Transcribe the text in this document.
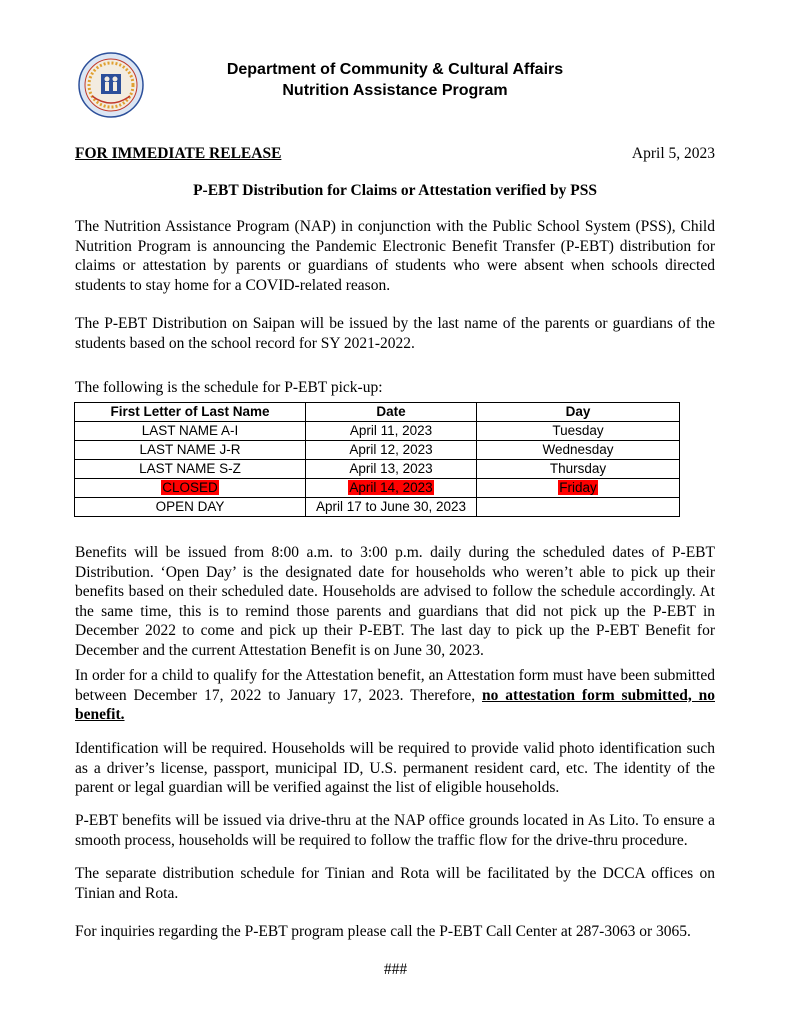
Department of Community & Cultural Affairs
Nutrition Assistance Program
FOR IMMEDIATE RELEASE	April 5, 2023
P-EBT Distribution for Claims or Attestation verified by PSS

The Nutrition Assistance Program (NAP) in conjunction with the Public School System (PSS), Child Nutrition Program is announcing the Pandemic Electronic Benefit Transfer (P-EBT) distribution for claims or attestation by parents or guardians of students who were absent when schools directed students to stay home for a COVID-related reason.

The P-EBT Distribution on Saipan will be issued by the last name of the parents or guardians of the students based on the school record for SY 2021-2022.

The following is the schedule for P-EBT pick-up:

First Letter of Last Name	Date	Day
LAST NAME A-I	April 11, 2023	Tuesday
LAST NAME J-R	April 12, 2023	Wednesday
LAST NAME S-Z	April 13, 2023	Thursday
CLOSED	April 14, 2023	Friday
OPEN DAY	April 17 to June 30, 2023	

Benefits will be issued from 8:00 a.m. to 3:00 p.m. daily during the scheduled dates of P-EBT Distribution. ‘Open Day’ is the designated date for households who weren’t able to pick up their benefits based on their scheduled date. Households are advised to follow the schedule accordingly. At the same time, this is to remind those parents and guardians that did not pick up the P-EBT in December 2022 to come and pick up their P-EBT. The last day to pick up the P-EBT Benefit for December and the current Attestation Benefit is on June 30, 2023.

In order for a child to qualify for the Attestation benefit, an Attestation form must have been submitted between December 17, 2022 to January 17, 2023. Therefore, no attestation form submitted, no benefit.

Identification will be required. Households will be required to provide valid photo identification such as a driver’s license, passport, municipal ID, U.S. permanent resident card, etc. The identity of the parent or legal guardian will be verified against the list of eligible households.

P-EBT benefits will be issued via drive-thru at the NAP office grounds located in As Lito. To ensure a smooth process, households will be required to follow the traffic flow for the drive-thru procedure.

The separate distribution schedule for Tinian and Rota will be facilitated by the DCCA offices on Tinian and Rota.

For inquiries regarding the P-EBT program please call the P-EBT Call Center at 287-3063 or 3065.

###
